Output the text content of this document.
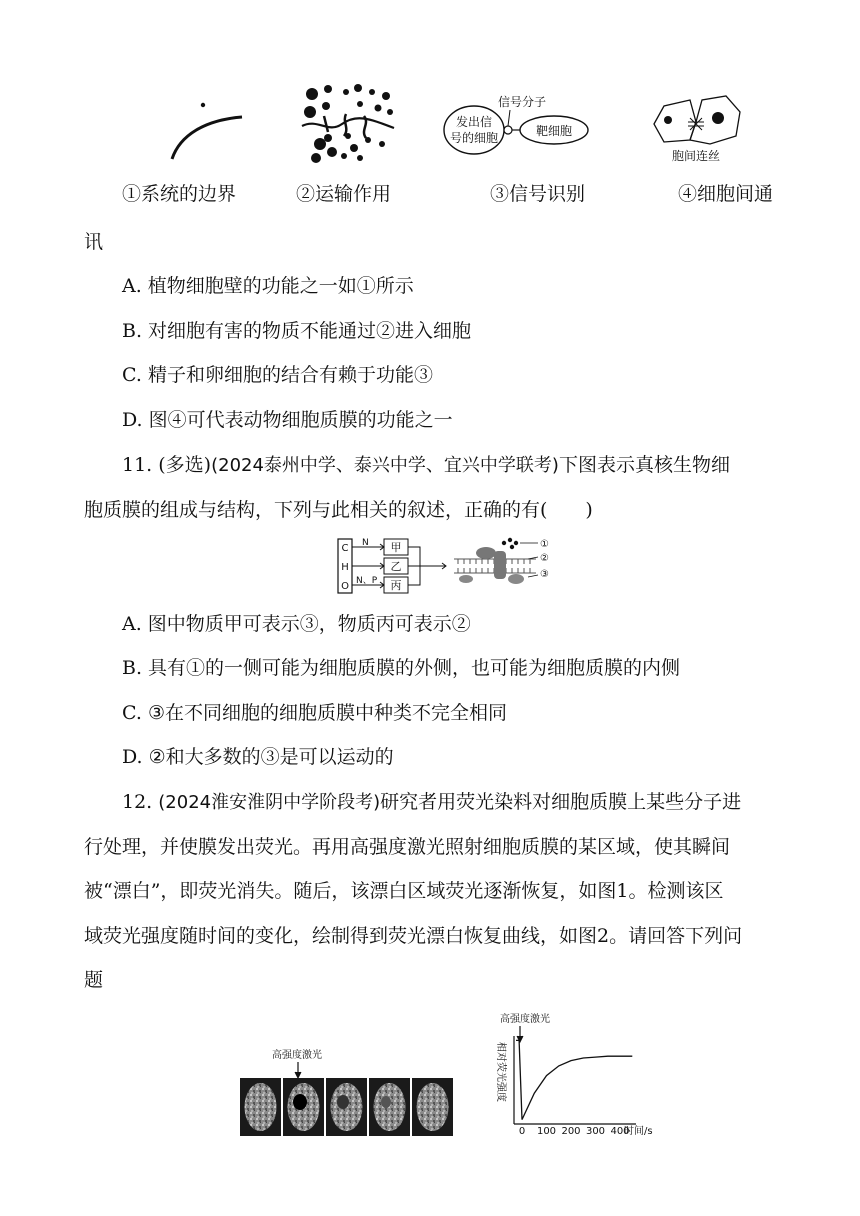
发出信
号的细胞
信号分子
靶细胞
胞间连丝
①系统的边界	②运输作用	③信号识别	④细胞间通
讯
A. 植物细胞壁的功能之一如①所示
B. 对细胞有害的物质不能通过②进入细胞
C. 精子和卵细胞的结合有赖于功能③
D. 图④可代表动物细胞质膜的功能之一
11. (多选)(2024泰州中学、泰兴中学、宜兴中学联考)下图表示真核生物细
胞质膜的组成与结构，下列与此相关的叙述，正确的有(　　)
C
H
O
N
N、P
甲
乙
丙
①
②
③
A. 图中物质甲可表示③，物质丙可表示②
B. 具有①的一侧可能为细胞质膜的外侧，也可能为细胞质膜的内侧
C. ③在不同细胞的细胞质膜中种类不完全相同
D. ②和大多数的③是可以运动的
12. (2024淮安淮阴中学阶段考)研究者用荧光染料对细胞质膜上某些分子进
行处理，并使膜发出荧光。再用高强度激光照射细胞质膜的某区域，使其瞬间
被“漂白”，即荧光消失。随后，该漂白区域荧光逐渐恢复，如图1。检测该区
域荧光强度随时间的变化，绘制得到荧光漂白恢复曲线，如图2。请回答下列问
题
高强度激光
高强度激光
相对荧光强度
0 100 200 300 400
时间/s
